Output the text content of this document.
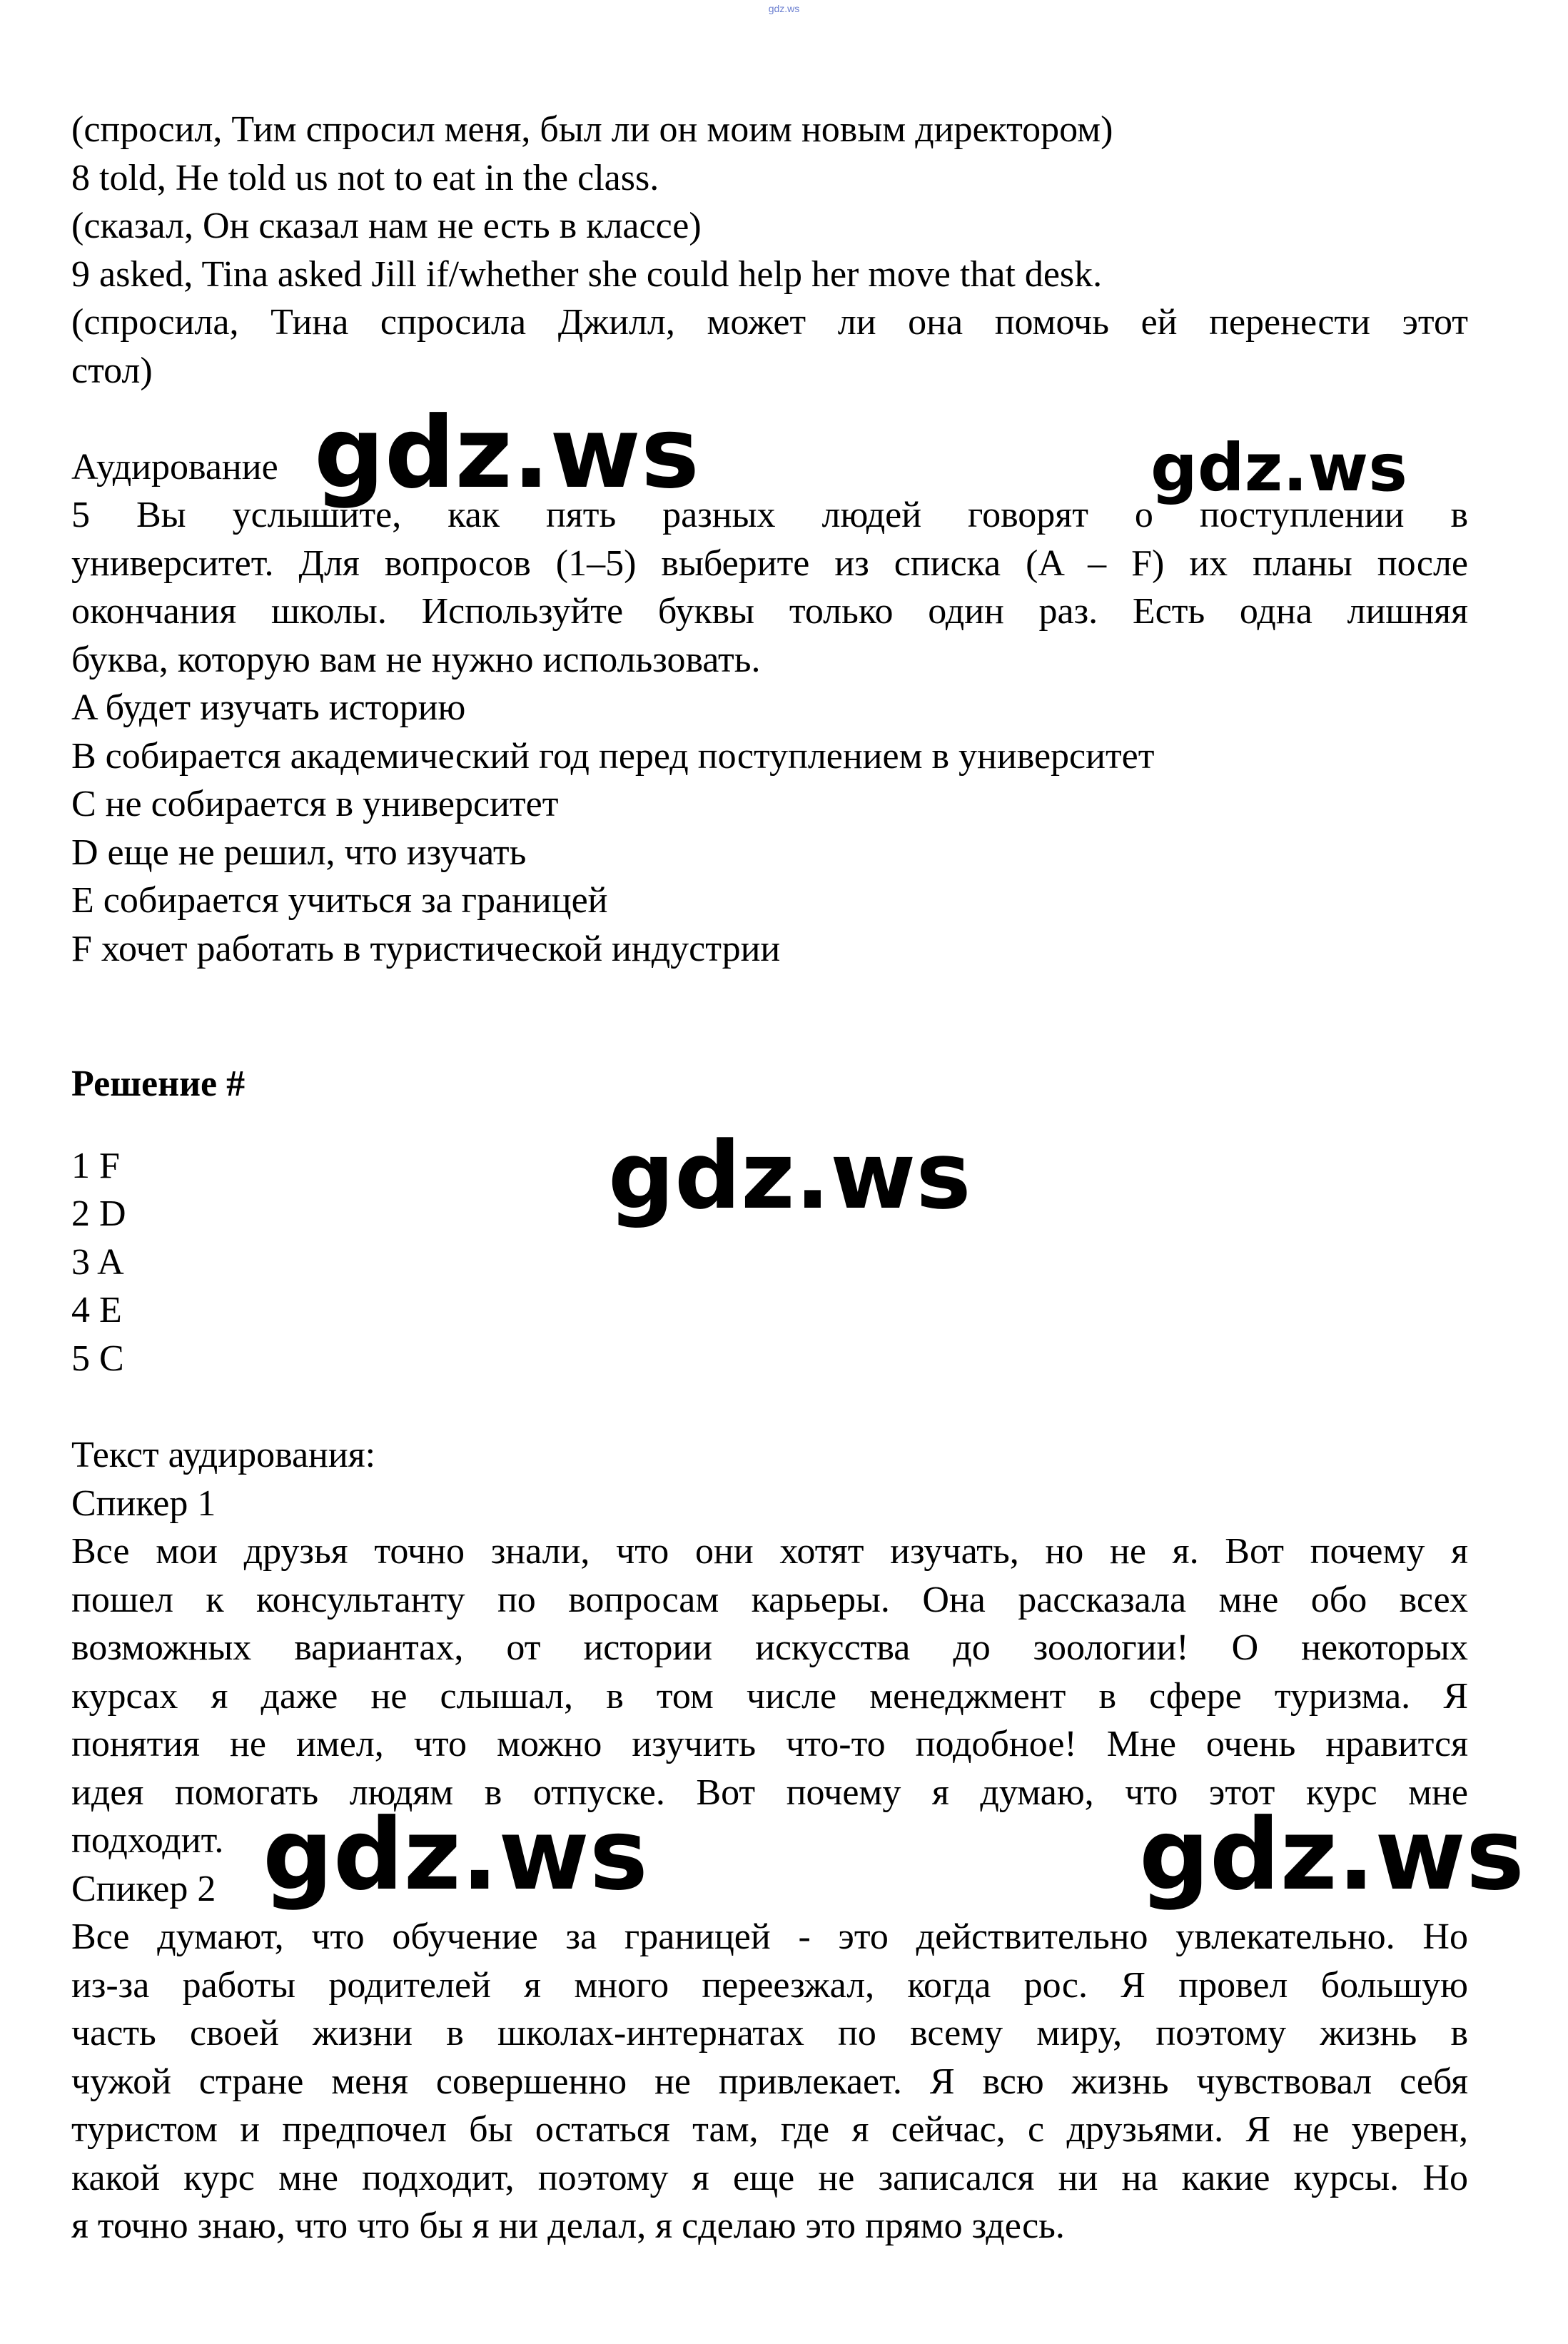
gdz.ws
(спросил, Тим спросил меня, был ли он моим новым директором)
8 told, He told us not to eat in the class.
(сказал, Он сказал нам не есть в классе)
9 asked, Tina asked Jill if/whether she could help her move that desk.
(спросила, Тина спросила Джилл, может ли она помочь ей перенести этот
стол)
Аудирование
5 Вы услышите, как пять разных людей говорят о поступлении в
университет. Для вопросов (1–5) выберите из списка (A – F) их планы после
окончания школы. Используйте буквы только один раз. Есть одна лишняя
буква, которую вам не нужно использовать.
A будет изучать историю
B собирается академический год перед поступлением в университет
C не собирается в университет
D еще не решил, что изучать
E собирается учиться за границей
F хочет работать в туристической индустрии
Решение #
1 F
2 D
3 A
4 E
5 C
Текст аудирования:
Спикер 1
Все мои друзья точно знали, что они хотят изучать, но не я. Вот почему я
пошел к консультанту по вопросам карьеры. Она рассказала мне обо всех
возможных вариантах, от истории искусства до зоологии! О некоторых
курсах я даже не слышал, в том числе менеджмент в сфере туризма. Я
понятия не имел, что можно изучить что-то подобное! Мне очень нравится
идея помогать людям в отпуске. Вот почему я думаю, что этот курс мне
подходит.
Спикер 2
Все думают, что обучение за границей - это действительно увлекательно. Но
из-за работы родителей я много переезжал, когда рос. Я провел большую
часть своей жизни в школах-интернатах по всему миру, поэтому жизнь в
чужой стране меня совершенно не привлекает. Я всю жизнь чувствовал себя
туристом и предпочел бы остаться там, где я сейчас, с друзьями. Я не уверен,
какой курс мне подходит, поэтому я еще не записался ни на какие курсы. Но
я точно знаю, что что бы я ни делал, я сделаю это прямо здесь.
gdz.ws	gdz.ws
gdz.ws
gdz.ws	gdz.ws
